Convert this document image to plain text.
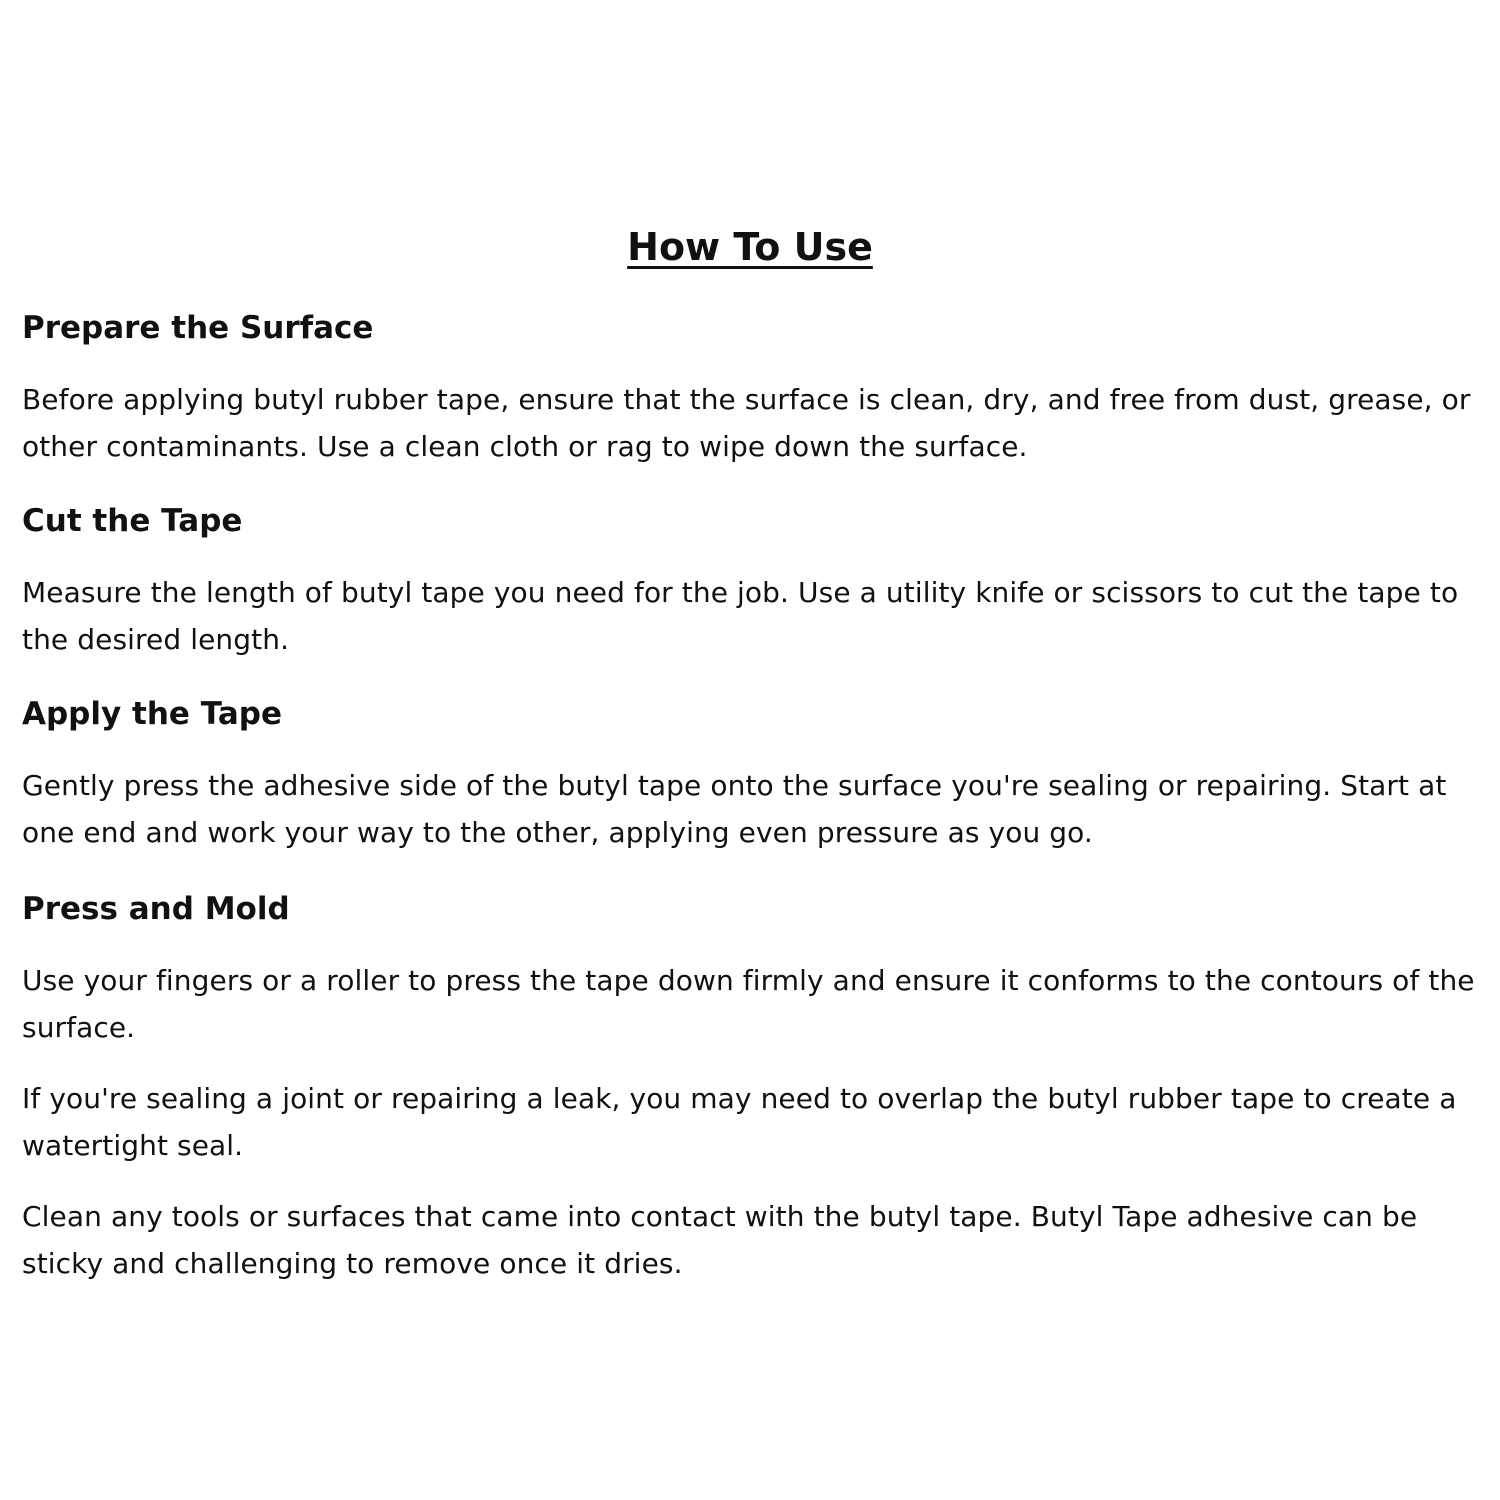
How To Use
Prepare the Surface

Before applying butyl rubber tape, ensure that the surface is clean, dry, and free from dust, grease, or other contaminants. Use a clean cloth or rag to wipe down the surface.

Cut the Tape

Measure the length of butyl tape you need for the job. Use a utility knife or scissors to cut the tape to the desired length.

Apply the Tape

Gently press the adhesive side of the butyl tape onto the surface you're sealing or repairing. Start at one end and work your way to the other, applying even pressure as you go.

Press and Mold

Use your fingers or a roller to press the tape down firmly and ensure it conforms to the contours of the surface.

If you're sealing a joint or repairing a leak, you may need to overlap the butyl rubber tape to create a watertight seal.

Clean any tools or surfaces that came into contact with the butyl tape. Butyl Tape adhesive can be sticky and challenging to remove once it dries.
